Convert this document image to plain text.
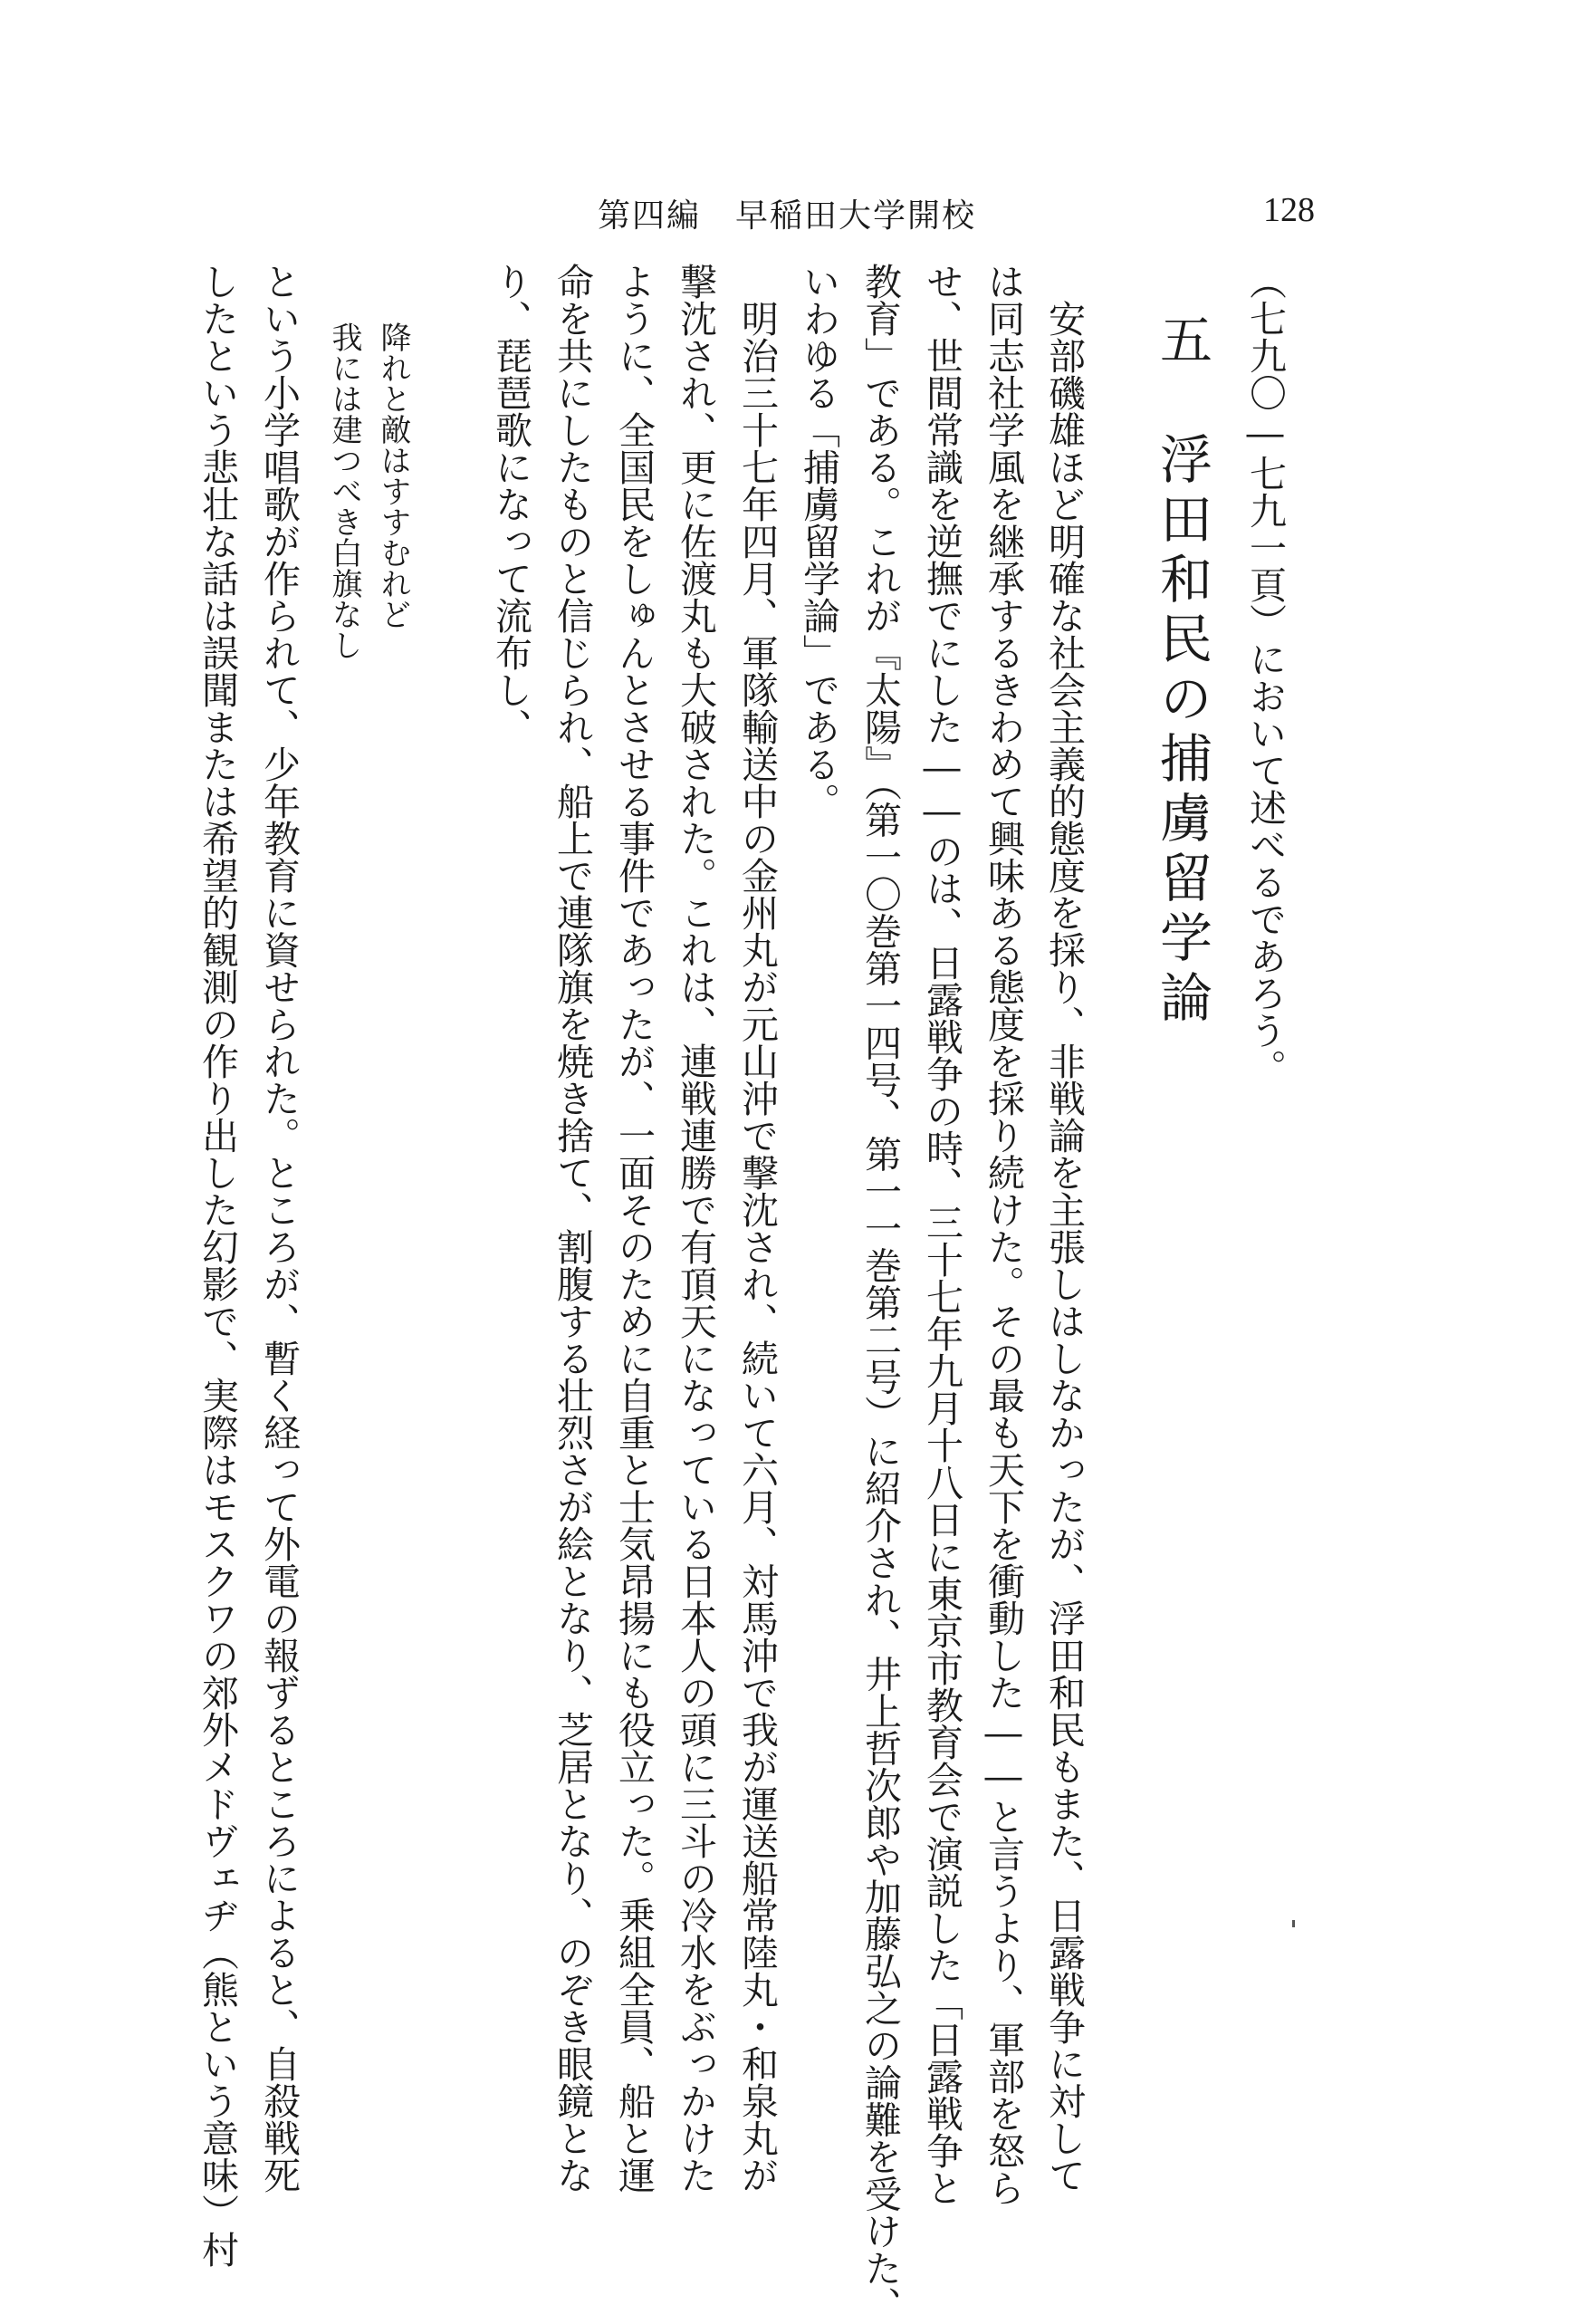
第四編　早稲田大学開校	128
（七九〇―七九一頁）において述べるであろう。
五　浮田和民の捕虜留学論
　安部磯雄ほど明確な社会主義的態度を採り、非戦論を主張しはしなかったが、浮田和民もまた、日露戦争に対して
は同志社学風を継承するきわめて興味ある態度を採り続けた。その最も天下を衝動した――と言うより、軍部を怒ら
せ、世間常識を逆撫でにした――のは、日露戦争の時、三十七年九月十八日に東京市教育会で演説した「日露戦争と
教育」である。これが『太陽』（第一〇巻第一四号、第一一巻第二号）に紹介され、井上哲次郎や加藤弘之の論難を受けた、
いわゆる「捕虜留学論」である。
　明治三十七年四月、軍隊輸送中の金州丸が元山沖で撃沈され、続いて六月、対馬沖で我が運送船常陸丸・和泉丸が
撃沈され、更に佐渡丸も大破された。これは、連戦連勝で有頂天になっている日本人の頭に三斗の冷水をぶっかけた
ように、全国民をしゅんとさせる事件であったが、一面そのために自重と士気昂揚にも役立った。乗組全員、船と運
命を共にしたものと信じられ、船上で連隊旗を焼き捨て、割腹する壮烈さが絵となり、芝居となり、のぞき眼鏡とな
り、琵琶歌になって流布し、
降れと敵はすすむれど
我には建つべき白旗なし
という小学唱歌が作られて、少年教育に資せられた。ところが、暫く経って外電の報ずるところによると、自殺戦死
したという悲壮な話は誤聞または希望的観測の作り出した幻影で、実際はモスクワの郊外メドヴェヂ（熊という意味）村
